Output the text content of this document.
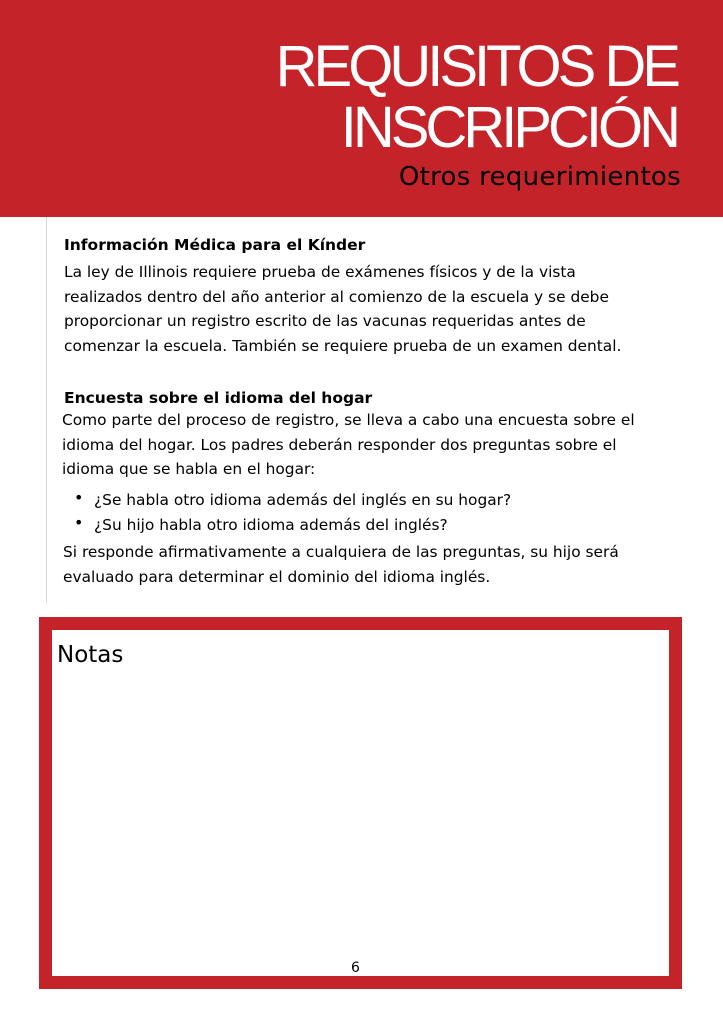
REQUISITOS DE
INSCRIPCIÓN
Otros requerimientos
Información Médica para el Kínder
La ley de Illinois requiere prueba de exámenes físicos y de la vista
realizados dentro del año anterior al comienzo de la escuela y se debe
proporcionar un registro escrito de las vacunas requeridas antes de
comenzar la escuela. También se requiere prueba de un examen dental.
Encuesta sobre el idioma del hogar
Como parte del proceso de registro, se lleva a cabo una encuesta sobre el
idioma del hogar. Los padres deberán responder dos preguntas sobre el
idioma que se habla en el hogar:
• ¿Se habla otro idioma además del inglés en su hogar?
• ¿Su hijo habla otro idioma además del inglés?
Si responde afirmativamente a cualquiera de las preguntas, su hijo será
evaluado para determinar el dominio del idioma inglés.
Notas
6
